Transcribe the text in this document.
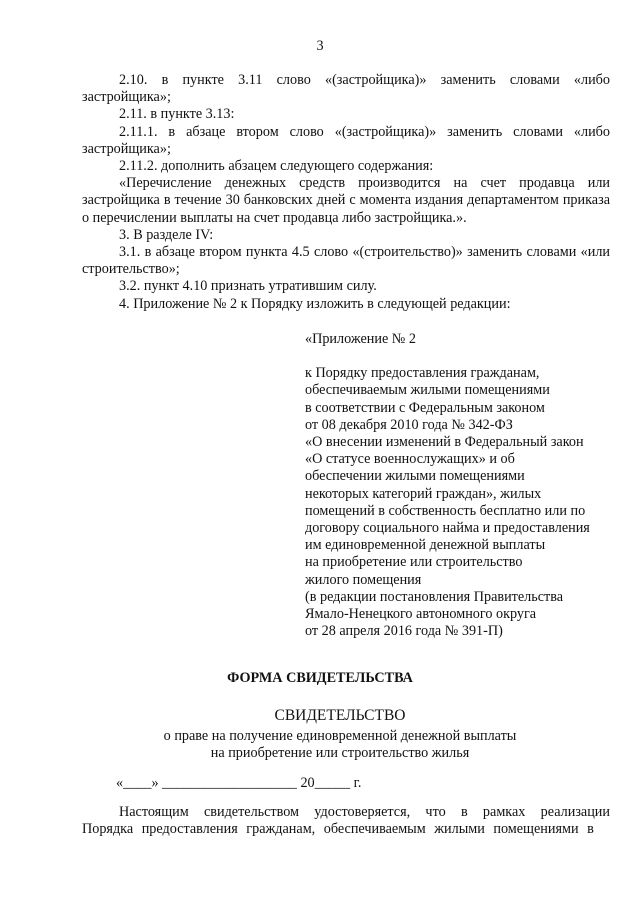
3

2.10. в пункте 3.11 слово «(застройщика)» заменить словами «либо застройщика»;

2.11. в пункте 3.13:

2.11.1. в абзаце втором слово «(застройщика)» заменить словами «либо застройщика»;

2.11.2. дополнить абзацем следующего содержания:

«Перечисление денежных средств производится на счет продавца или застройщика в течение 30 банковских дней с момента издания департаментом приказа о перечислении выплаты на счет продавца либо застройщика.».

3. В разделе IV:

3.1. в абзаце втором пункта 4.5 слово «(строительство)» заменить словами «или строительство»;

3.2. пункт 4.10 признать утратившим силу.

4. Приложение № 2 к Порядку изложить в следующей редакции:

«Приложение № 2

к Порядку предоставления гражданам,
обеспечиваемым жилыми помещениями
в соответствии с Федеральным законом
от 08 декабря 2010 года № 342-ФЗ
«О внесении изменений в Федеральный закон
«О статусе военнослужащих» и об
обеспечении жилыми помещениями
некоторых категорий граждан», жилых
помещений в собственность бесплатно или по
договору социального найма и предоставления
им единовременной денежной выплаты
на приобретение или строительство
жилого помещения
(в редакции постановления Правительства
Ямало-Ненецкого автономного округа
от 28 апреля 2016 года № 391-П)
ФОРМА СВИДЕТЕЛЬСТВА
СВИДЕТЕЛЬСТВО
о праве на получение единовременной денежной выплаты
на приобретение или строительство жилья
«____» ___________________ 20_____ г.

Настоящим свидетельством удостоверяется, что в рамках реализации Порядка предоставления гражданам, обеспечиваемым жилыми помещениями в
